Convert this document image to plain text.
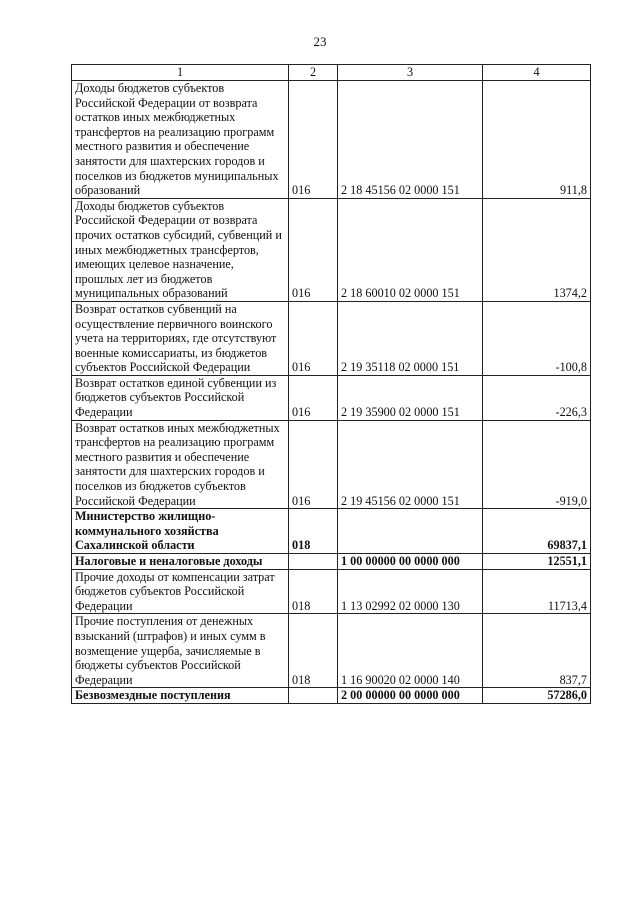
23
1	2	3	4
Доходы бюджетов субъектов Российской Федерации от возврата остатков иных межбюджетных трансфертов на реализацию программ местного развития и обеспечение занятости для шахтерских городов и поселков из бюджетов муниципальных образований	016	2 18 45156 02 0000 151	911,8
Доходы бюджетов субъектов Российской Федерации от возврата прочих остатков субсидий, субвенций и иных межбюджетных трансфертов, имеющих целевое назначение, прошлых лет из бюджетов муниципальных образований	016	2 18 60010 02 0000 151	1374,2
Возврат остатков субвенций на осуществление первичного воинского учета на территориях, где отсутствуют военные комиссариаты, из бюджетов субъектов Российской Федерации	016	2 19 35118 02 0000 151	-100,8
Возврат остатков единой субвенции из бюджетов субъектов Российской Федерации	016	2 19 35900 02 0000 151	-226,3
Возврат остатков иных межбюджетных трансфертов на реализацию программ местного развития и обеспечение занятости для шахтерских городов и поселков из бюджетов субъектов Российской Федерации	016	2 19 45156 02 0000 151	-919,0
Министерство жилищно-коммунального хозяйства Сахалинской области	018		69837,1
Налоговые и неналоговые доходы		1 00 00000 00 0000 000	12551,1
Прочие доходы от компенсации затрат бюджетов субъектов Российской Федерации	018	1 13 02992 02 0000 130	11713,4
Прочие поступления от денежных взысканий (штрафов) и иных сумм в возмещение ущерба, зачисляемые в бюджеты субъектов Российской Федерации	018	1 16 90020 02 0000 140	837,7
Безвозмездные поступления		2 00 00000 00 0000 000	57286,0
